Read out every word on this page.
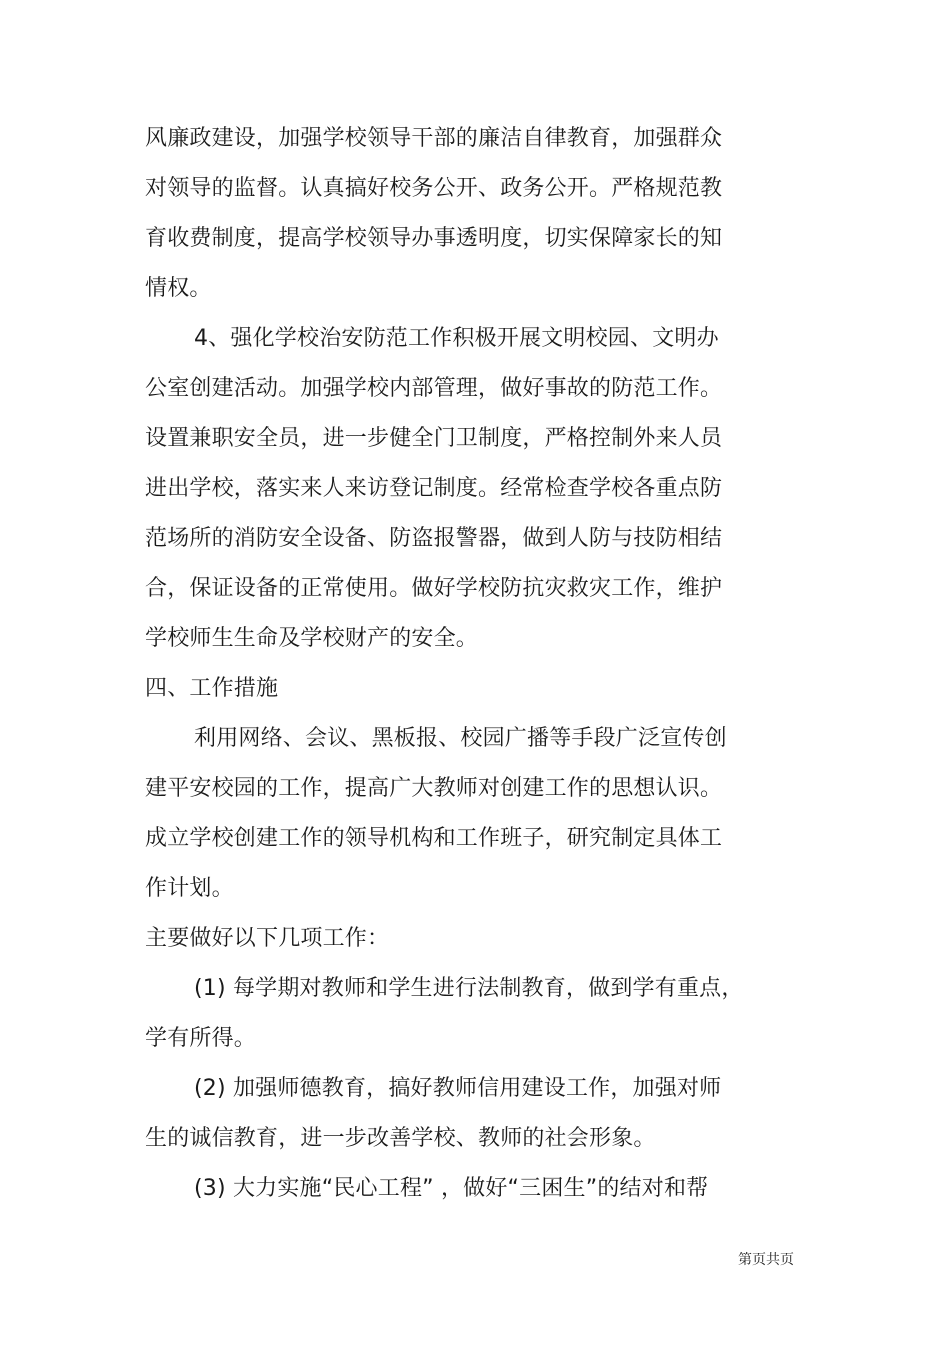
风廉政建设，加强学校领导干部的廉洁自律教育，加强群众
对领导的监督。认真搞好校务公开、政务公开。严格规范教
育收费制度，提高学校领导办事透明度，切实保障家长的知
情权。
4、强化学校治安防范工作积极开展文明校园、文明办
公室创建活动。加强学校内部管理，做好事故的防范工作。
设置兼职安全员，进一步健全门卫制度，严格控制外来人员
进出学校，落实来人来访登记制度。经常检查学校各重点防
范场所的消防安全设备、防盗报警器，做到人防与技防相结
合，保证设备的正常使用。做好学校防抗灾救灾工作，维护
学校师生生命及学校财产的安全。
四、工作措施
利用网络、会议、黑板报、校园广播等手段广泛宣传创
建平安校园的工作，提高广大教师对创建工作的思想认识。
成立学校创建工作的领导机构和工作班子，研究制定具体工
作计划。
主要做好以下几项工作：
(1) 每学期对教师和学生进行法制教育，做到学有重点，
学有所得。
(2) 加强师德教育，搞好教师信用建设工作，加强对师
生的诚信教育，进一步改善学校、教师的社会形象。
(3) 大力实施“民心工程” ，做好“三困生”的结对和帮
第页共页
